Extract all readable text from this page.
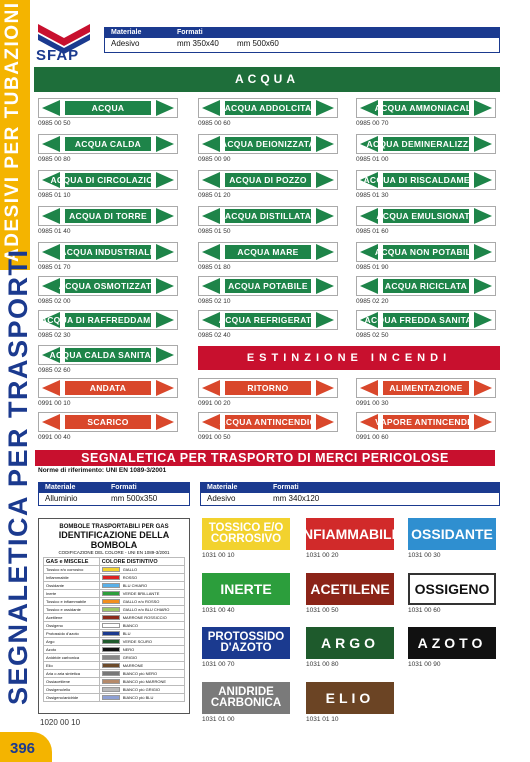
ADESIVI PER TUBAZIONI
SEGNALETICA PER TRASPORTI
396
SFAP
Materiale	Formati
Adesivo	mm 350x40	mm 500x60
ACQUA
ACQUA
0985 00 50
ACQUA ADDOLCITA
0985 00 60
ACQUA AMMONIACALE
0985 00 70
ACQUA CALDA
0985 00 80
ACQUA DEIONIZZATA
0985 00 90
ACQUA DEMINERALIZZATA
0985 01 00
ACQUA DI CIRCOLAZIONE
0985 01 10
ACQUA DI POZZO
0985 01 20
ACQUA DI RISCALDAMENTO
0985 01 30
ACQUA DI TORRE
0985 01 40
ACQUA DISTILLATA
0985 01 50
ACQUA EMULSIONATA
0985 01 60
ACQUA INDUSTRIALE
0985 01 70
ACQUA MARE
0985 01 80
ACQUA NON POTABILE
0985 01 90
ACQUA OSMOTIZZATA
0985 02 00
ACQUA POTABILE
0985 02 10
ACQUA RICICLATA
0985 02 20
ACQUA DI RAFFREDDAMENTO
0985 02 30
ACQUA REFRIGERATA
0985 02 40
ACQUA FREDDA SANITARIA
0985 02 50
ACQUA CALDA SANITARIA
0985 02 60
ANDATA
0991 00 10
RITORNO
0991 00 20
ALIMENTAZIONE
0991 00 30
SCARICO
0991 00 40
ACQUA ANTINCENDIO
0991 00 50
VAPORE ANTINCENDIO
0991 00 60
ESTINZIONE INCENDI
SEGNALETICA PER TRASPORTO DI MERCI PERICOLOSE
Norme di riferimento: UNI EN 1089-3/2001
Materiale	Formati
Alluminio	mm 500x350
Materiale	Formati
Adesivo	mm 340x120
BOMBOLE TRASPORTABILI PER GAS
IDENTIFICAZIONE DELLA BOMBOLA
CODIFICAZIONE DEL COLORE - UNI EN 1089-3/2001
GAS e MISCELE	COLORE DISTINTIVO
Tossico e/o corrosivo	GIALLO
Infiammabile	ROSSO
Ossidante	BLU CHIARO
Inerte	VERDE BRILLANTE
Tossico e infiammabile	GIALLO e/o ROSSO
Tossico e ossidante	GIALLO e/o BLU CHIARO
Acetilene	MARRONE ROSSICCIO
Ossigeno	BIANCO
Protossido d'azoto	BLU
Argo	VERDE SCURO
Azoto	NERO
Anidride carbonica	GRIGIO
Elio	MARRONE
Aria o aria sintetica	BIANCO più NERO
Ossiacetilene	BIANCO più MARRONE
Ossigeno/elio	BIANCO più GRIGIO
Ossigeno/anidride	BIANCO più BLU
1020 00 10
TOSSICO E/O
CORROSIVO
1031 00 10
INFIAMMABILE
1031 00 20
OSSIDANTE
1031 00 30
INERTE
1031 00 40
ACETILENE
1031 00 50
OSSIGENO
1031 00 60
PROTOSSIDO
D'AZOTO
1031 00 70
ARGO
1031 00 80
AZOTO
1031 00 90
ANIDRIDE
CARBONICA
1031 01 00
ELIO
1031 01 10
